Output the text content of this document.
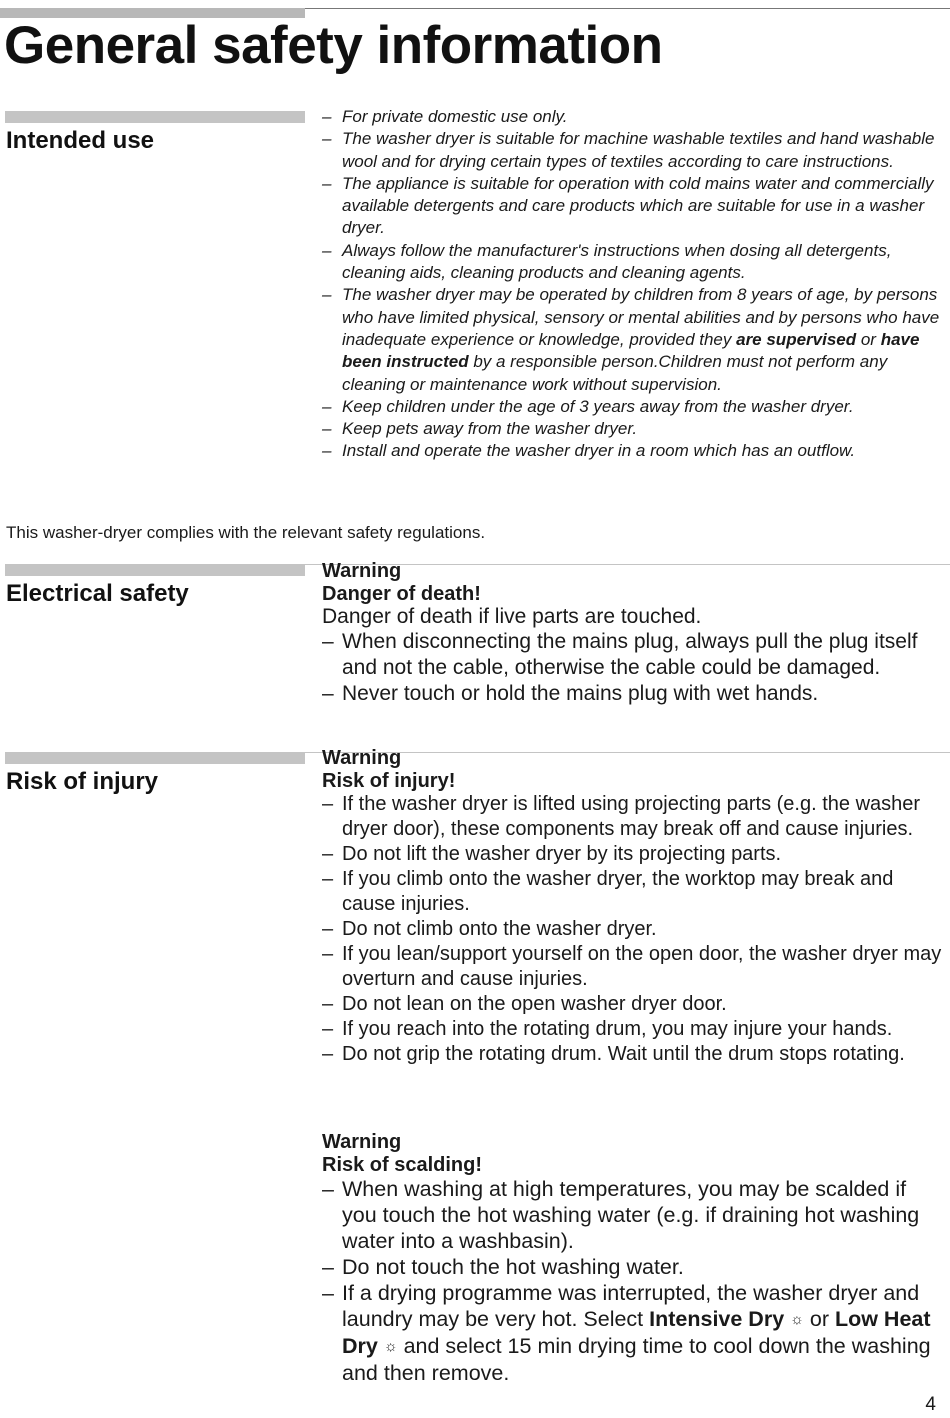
General safety information
Intended use
– For private domestic use only.
– The washer dryer is suitable for machine washable textiles and hand washable wool and for drying certain types of textiles according to care instructions.
– The appliance is suitable for operation with cold mains water and commercially available detergents and care products which are suitable for use in a washer dryer.
– Always follow the manufacturer's instructions when dosing all detergents, cleaning aids, cleaning products and cleaning agents.
– The washer dryer may be operated by children from 8 years of age, by persons who have limited physical, sensory or mental abilities and by persons who have inadequate experience or knowledge, provided they are supervised or have been instructed by a responsible person.Children must not perform any cleaning or maintenance work without supervision.
– Keep children under the age of 3 years away from the washer dryer.
– Keep pets away from the washer dryer.
– Install and operate the washer dryer in a room which has an outflow.

This washer-dryer complies with the relevant safety regulations.

Electrical safety
Warning
Danger of death!
Danger of death if live parts are touched.
– When disconnecting the mains plug, always pull the plug itself and not the cable, otherwise the cable could be damaged.
– Never touch or hold the mains plug with wet hands.
Risk of injury
Warning
Risk of injury!
– If the washer dryer is lifted using projecting parts (e.g. the washer dryer door), these components may break off and cause injuries.
– Do not lift the washer dryer by its projecting parts.
– If you climb onto the washer dryer, the worktop may break and cause injuries.
– Do not climb onto the washer dryer.
– If you lean/support yourself on the open door, the washer dryer may overturn and cause injuries.
– Do not lean on the open washer dryer door.
– If you reach into the rotating drum, you may injure your hands.
– Do not grip the rotating drum. Wait until the drum stops rotating.
Warning
Risk of scalding!
– When washing at high temperatures, you may be scalded if you touch the hot washing water (e.g. if draining hot washing water into a washbasin).
– Do not touch the hot washing water.
– If a drying programme was interrupted, the washer dryer and laundry may be very hot. Select Intensive Dry ☼ or Low Heat Dry ☼ and select 15 min drying time to cool down the washing and then remove.
4
